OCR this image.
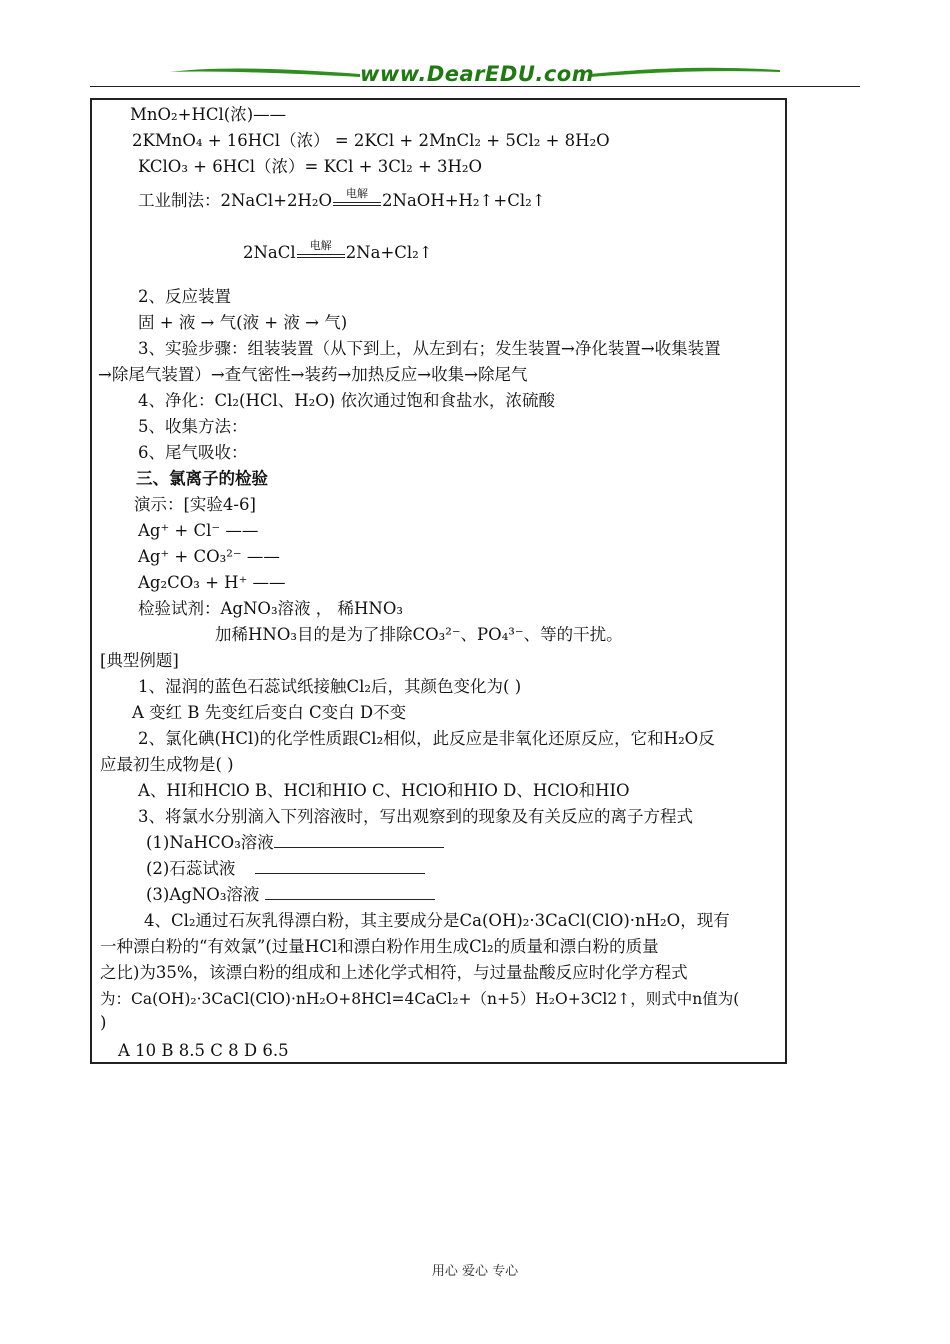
www.DearEDU.com
MnO₂+HCl(浓)——
2KMnO₄ + 16HCl（浓） = 2KCl + 2MnCl₂ + 5Cl₂ + 8H₂O
KClO₃ + 6HCl（浓）= KCl + 3Cl₂ + 3H₂O
工业制法：2NaCl+2H₂O	电解 2NaOH+H₂↑+Cl₂↑
2NaCl	电解 2Na+Cl₂↑
2、反应装置
固 + 液 → 气(液 + 液 → 气)
3、实验步骤：组装装置（从下到上，从左到右；发生装置→净化装置→收集装置
→除尾气装置）→查气密性→装药→加热反应→收集→除尾气
4、净化：Cl₂(HCl、H₂O) 依次通过饱和食盐水，浓硫酸
5、收集方法：
6、尾气吸收：
三、氯离子的检验
演示：[实验4-6]
Ag⁺ + Cl⁻ ——
Ag⁺ + CO₃²⁻ ——
Ag₂CO₃ + H⁺ ——
检验试剂：AgNO₃溶液 ， 稀HNO₃
加稀HNO₃目的是为了排除CO₃²⁻、PO₄³⁻、等的干扰。
[典型例题]
1、湿润的蓝色石蕊试纸接触Cl₂后，其颜色变化为( )
A 变红 B 先变红后变白 C变白 D不变
2、氯化碘(HCl)的化学性质跟Cl₂相似，此反应是非氧化还原反应，它和H₂O反
应最初生成物是( )
A、HI和HClO B、HCl和HIO C、HClO和HIO D、HClO和HIO
3、将氯水分别滴入下列溶液时，写出观察到的现象及有关反应的离子方程式
(1)NaHCO₃溶液
(2)石蕊试液
(3)AgNO₃溶液
4、Cl₂通过石灰乳得漂白粉，其主要成分是Ca(OH)₂·3CaCl(ClO)·nH₂O，现有
一种漂白粉的“有效氯”(过量HCl和漂白粉作用生成Cl₂的质量和漂白粉的质量
之比)为35%，该漂白粉的组成和上述化学式相符，与过量盐酸反应时化学方程式
为：Ca(OH)₂·3CaCl(ClO)·nH₂O+8HCl=4CaCl₂+（n+5）H₂O+3Cl2↑，则式中n值为(
)
A 10 B 8.5 C 8 D 6.5
用心 爱心 专心
